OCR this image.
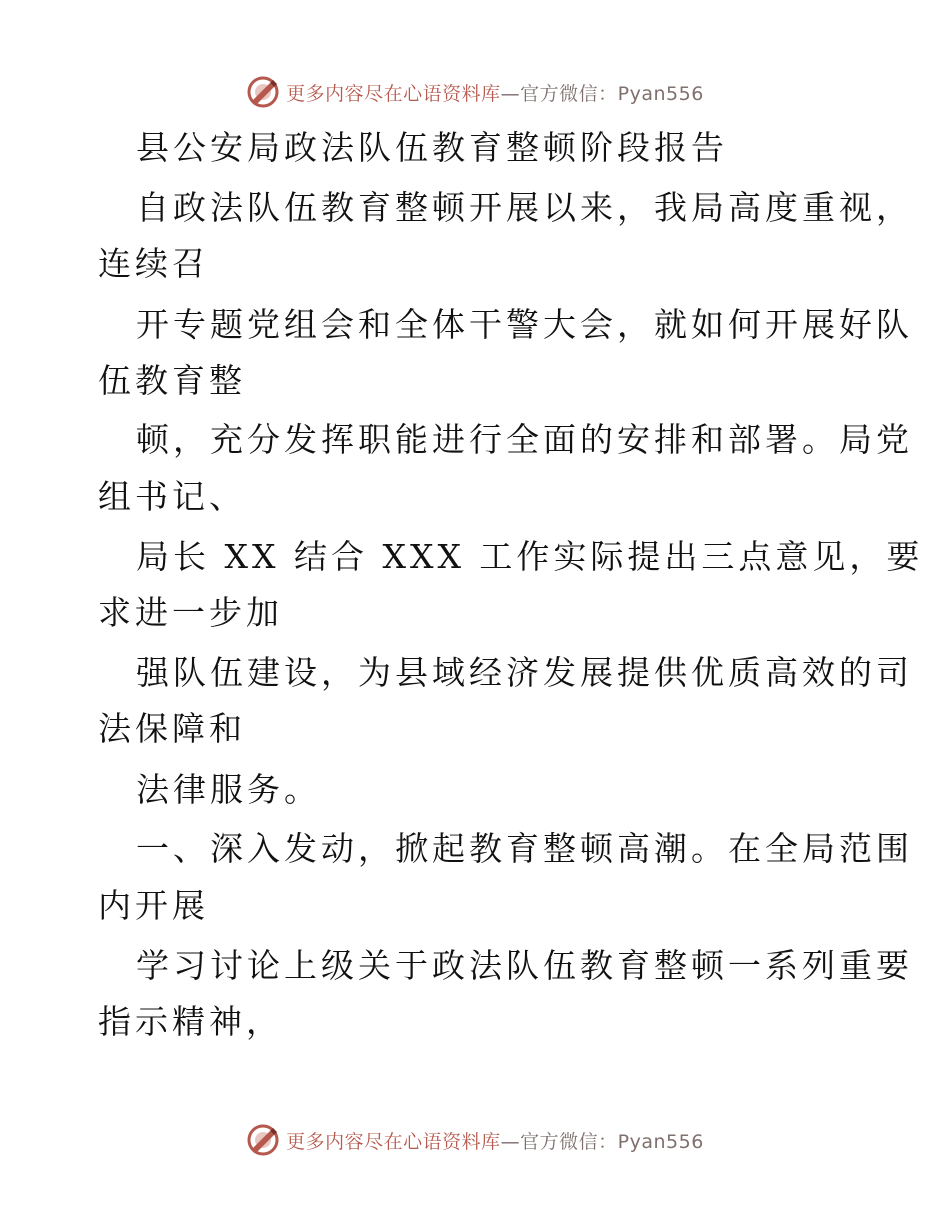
更多内容尽在心语资料库—官方微信：Pyan556
县公安局政法队伍教育整顿阶段报告
自政法队伍教育整顿开展以来，我局高度重视，
连续召
开专题党组会和全体干警大会，就如何开展好队
伍教育整
顿，充分发挥职能进行全面的安排和部署。局党
组书记、
局长 XX 结合 XXX 工作实际提出三点意见，要
求进一步加
强队伍建设，为县域经济发展提供优质高效的司
法保障和
法律服务。
一、深入发动，掀起教育整顿高潮。在全局范围
内开展
学习讨论上级关于政法队伍教育整顿一系列重要
指示精神，
更多内容尽在心语资料库—官方微信：Pyan556
